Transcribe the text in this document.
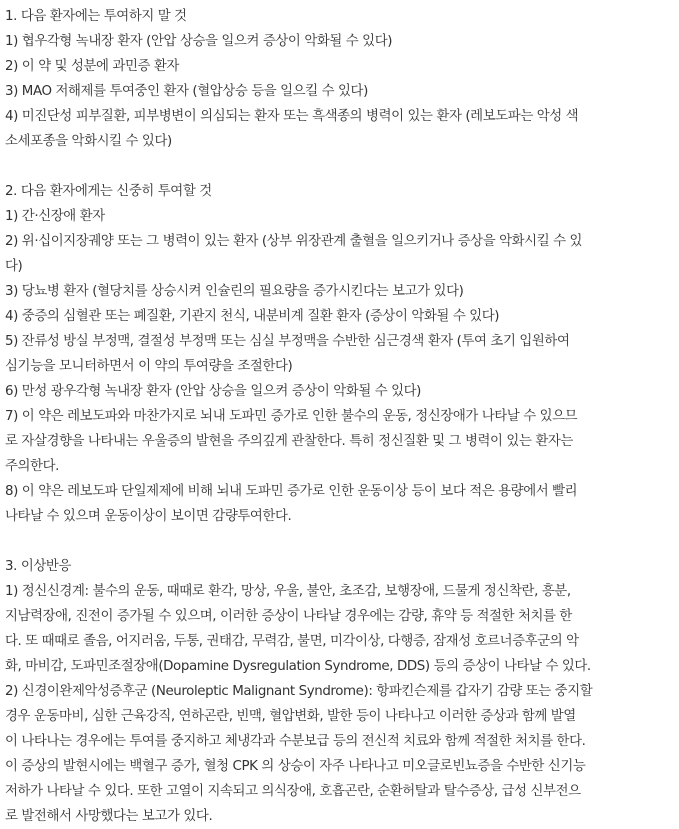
1. 다음 환자에는 투여하지 말 것
1) 협우각형 녹내장 환자 (안압 상승을 일으켜 증상이 악화될 수 있다)
2) 이 약 및 성분에 과민증 환자
3) MAO 저해제를 투여중인 환자 (혈압상승 등을 일으킬 수 있다)
4) 미진단성 피부질환, 피부병변이 의심되는 환자 또는 흑색종의 병력이 있는 환자 (레보도파는 악성 색
소세포종을 악화시킬 수 있다)
2. 다음 환자에게는 신중히 투여할 것
1) 간·신장애 환자
2) 위·십이지장궤양 또는 그 병력이 있는 환자 (상부 위장관계 출혈을 일으키거나 증상을 악화시킬 수 있
다)
3) 당뇨병 환자 (혈당치를 상승시켜 인슐린의 필요량을 증가시킨다는 보고가 있다)
4) 중증의 심혈관 또는 폐질환, 기관지 천식, 내분비계 질환 환자 (증상이 악화될 수 있다)
5) 잔류성 방실 부정맥, 결절성 부정맥 또는 심실 부정맥을 수반한 심근경색 환자 (투여 초기 입원하여
심기능을 모니터하면서 이 약의 투여량을 조절한다)
6) 만성 광우각형 녹내장 환자 (안압 상승을 일으켜 증상이 악화될 수 있다)
7) 이 약은 레보도파와 마찬가지로 뇌내 도파민 증가로 인한 불수의 운동, 정신장애가 나타날 수 있으므
로 자살경향을 나타내는 우울증의 발현을 주의깊게 관찰한다. 특히 정신질환 및 그 병력이 있는 환자는
주의한다.
8) 이 약은 레보도파 단일제제에 비해 뇌내 도파민 증가로 인한 운동이상 등이 보다 적은 용량에서 빨리
나타날 수 있으며 운동이상이 보이면 감량투여한다.
3. 이상반응
1) 정신신경계: 불수의 운동, 때때로 환각, 망상, 우울, 불안, 초조감, 보행장애, 드물게 정신착란, 흥분,
지남력장애, 진전이 증가될 수 있으며, 이러한 증상이 나타날 경우에는 감량, 휴약 등 적절한 처치를 한
다. 또 때때로 졸음, 어지러움, 두통, 권태감, 무력감, 불면, 미각이상, 다행증, 잠재성 호르너증후군의 악
화, 마비감, 도파민조절장애(Dopamine Dysregulation Syndrome, DDS) 등의 증상이 나타날 수 있다.
2) 신경이완제악성증후군 (Neuroleptic Malignant Syndrome): 항파킨슨제를 갑자기 감량 또는 중지할
경우 운동마비, 심한 근육강직, 연하곤란, 빈맥, 혈압변화, 발한 등이 나타나고 이러한 증상과 함께 발열
이 나타나는 경우에는 투여를 중지하고 체냉각과 수분보급 등의 전신적 치료와 함께 적절한 처치를 한다.
이 증상의 발현시에는 백혈구 증가, 혈청 CPK 의 상승이 자주 나타나고 미오글로빈뇨증을 수반한 신기능
저하가 나타날 수 있다. 또한 고열이 지속되고 의식장애, 호흡곤란, 순환허탈과 탈수증상, 급성 신부전으
로 발전해서 사망했다는 보고가 있다.
